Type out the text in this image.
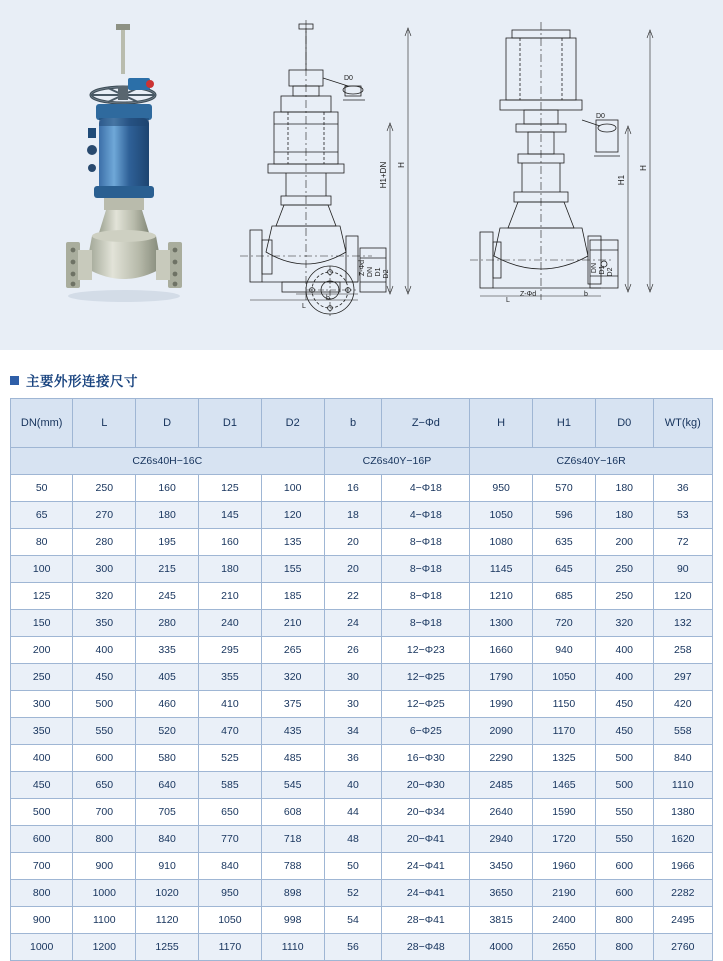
H1+DN H
D0
Z-Φd DN D1 D2
b
L
H
H1
D0
DN D1 D2
Z-Φd	b
L
主要外形连接尺寸
DN(mm)	L	D	D1	D2	b	Z−Φd	H	H1	D0	WT(kg)
CZ6s40H−16C					CZ6s40Y−16P		CZ6s40Y−16R			
50	250	160	125	100	16	4−Φ18	950	570	180	36
65	270	180	145	120	18	4−Φ18	1050	596	180	53
80	280	195	160	135	20	8−Φ18	1080	635	200	72
100	300	215	180	155	20	8−Φ18	1145	645	250	90
125	320	245	210	185	22	8−Φ18	1210	685	250	120
150	350	280	240	210	24	8−Φ18	1300	720	320	132
200	400	335	295	265	26	12−Φ23	1660	940	400	258
250	450	405	355	320	30	12−Φ25	1790	1050	400	297
300	500	460	410	375	30	12−Φ25	1990	1150	450	420
350	550	520	470	435	34	6−Φ25	2090	1170	450	558
400	600	580	525	485	36	16−Φ30	2290	1325	500	840
450	650	640	585	545	40	20−Φ30	2485	1465	500	1110
500	700	705	650	608	44	20−Φ34	2640	1590	550	1380
600	800	840	770	718	48	20−Φ41	2940	1720	550	1620
700	900	910	840	788	50	24−Φ41	3450	1960	600	1966
800	1000	1020	950	898	52	24−Φ41	3650	2190	600	2282
900	1100	1120	1050	998	54	28−Φ41	3815	2400	800	2495
1000	1200	1255	1170	1110	56	28−Φ48	4000	2650	800	2760
